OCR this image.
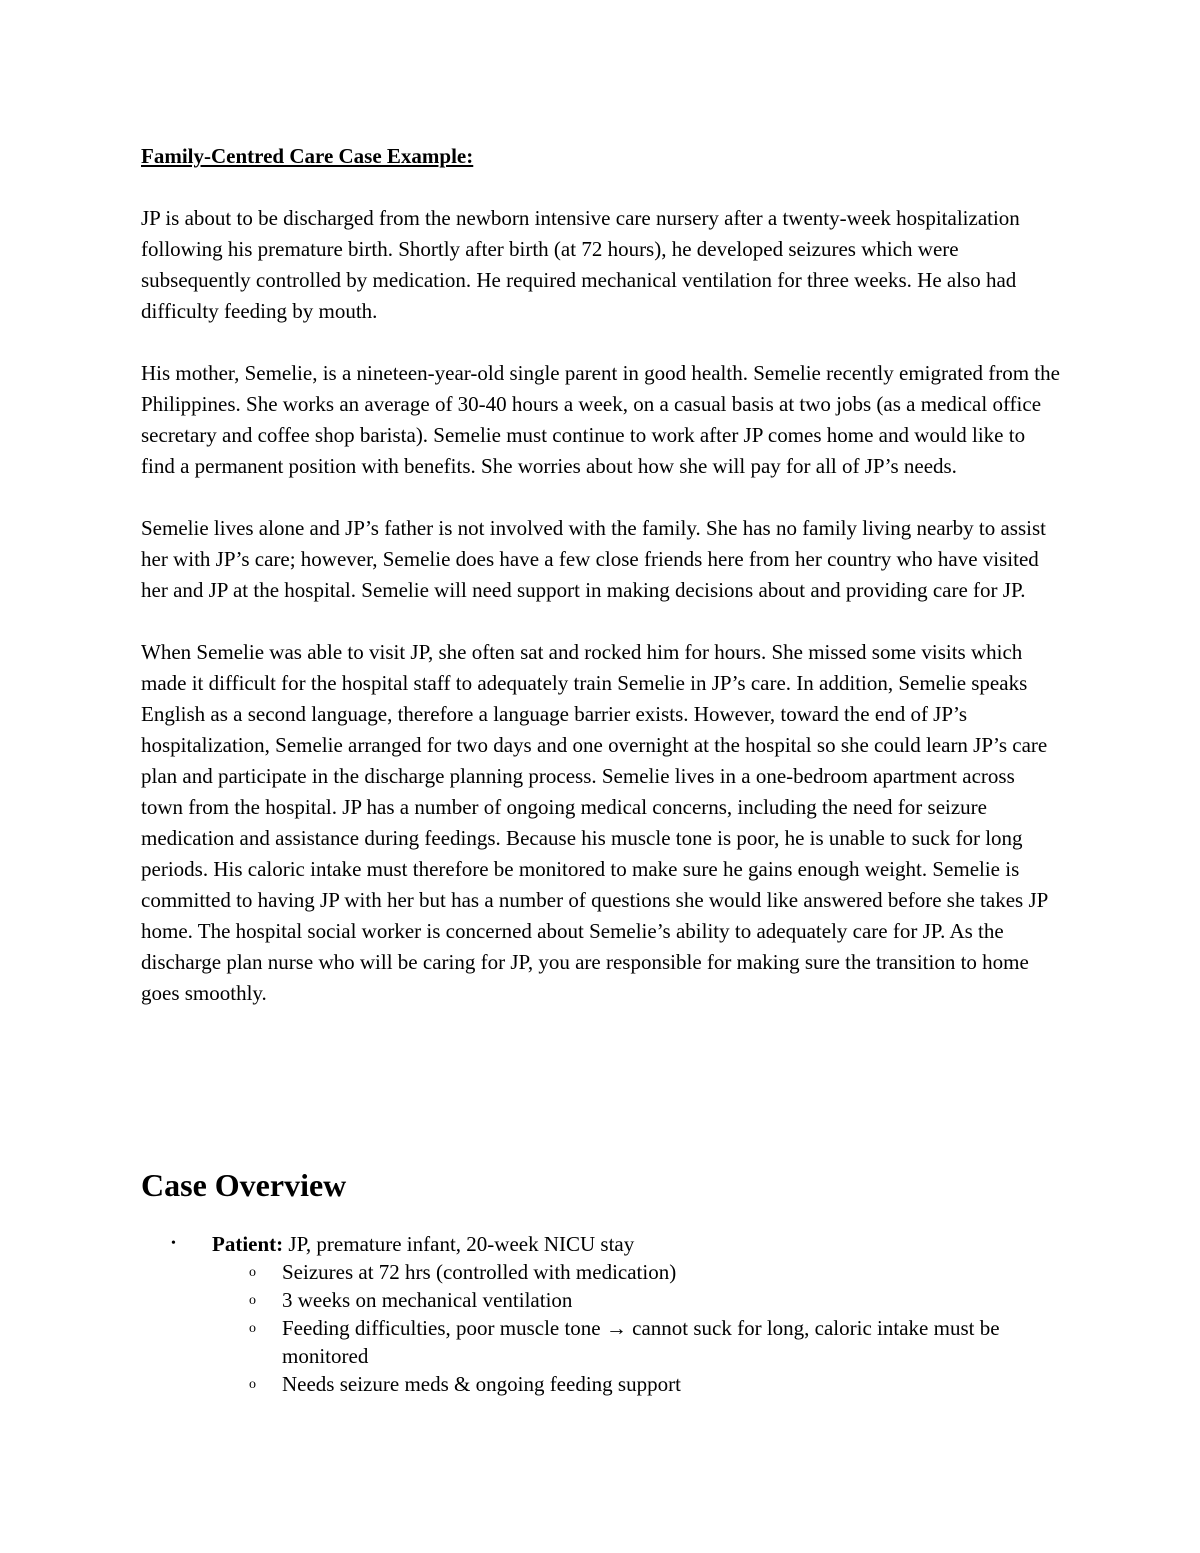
Family-Centred Care Case Example:

JP is about to be discharged from the newborn intensive care nursery after a twenty-week hospitalization following his premature birth. Shortly after birth (at 72 hours), he developed seizures which were subsequently controlled by medication. He required mechanical ventilation for three weeks. He also had difficulty feeding by mouth.

His mother, Semelie, is a nineteen-year-old single parent in good health. Semelie recently emigrated from the Philippines. She works an average of 30-40 hours a week, on a casual basis at two jobs (as a medical office secretary and coffee shop barista). Semelie must continue to work after JP comes home and would like to find a permanent position with benefits. She worries about how she will pay for all of JP’s needs.

Semelie lives alone and JP’s father is not involved with the family. She has no family living nearby to assist her with JP’s care; however, Semelie does have a few close friends here from her country who have visited her and JP at the hospital. Semelie will need support in making decisions about and providing care for JP.

When Semelie was able to visit JP, she often sat and rocked him for hours. She missed some visits which made it difficult for the hospital staff to adequately train Semelie in JP’s care. In addition, Semelie speaks English as a second language, therefore a language barrier exists. However, toward the end of JP’s hospitalization, Semelie arranged for two days and one overnight at the hospital so she could learn JP’s care plan and participate in the discharge planning process. Semelie lives in a one-bedroom apartment across town from the hospital. JP has a number of ongoing medical concerns, including the need for seizure medication and assistance during feedings. Because his muscle tone is poor, he is unable to suck for long periods. His caloric intake must therefore be monitored to make sure he gains enough weight. Semelie is committed to having JP with her but has a number of questions she would like answered before she takes JP home. The hospital social worker is concerned about Semelie’s ability to adequately care for JP. As the discharge plan nurse who will be caring for JP, you are responsible for making sure the transition to home goes smoothly.

Case Overview
• Patient: JP, premature infant, 20-week NICU stay
o Seizures at 72 hrs (controlled with medication)
o 3 weeks on mechanical ventilation
o Feeding difficulties, poor muscle tone → cannot suck for long, caloric intake must be monitored
o Needs seizure meds & ongoing feeding support
